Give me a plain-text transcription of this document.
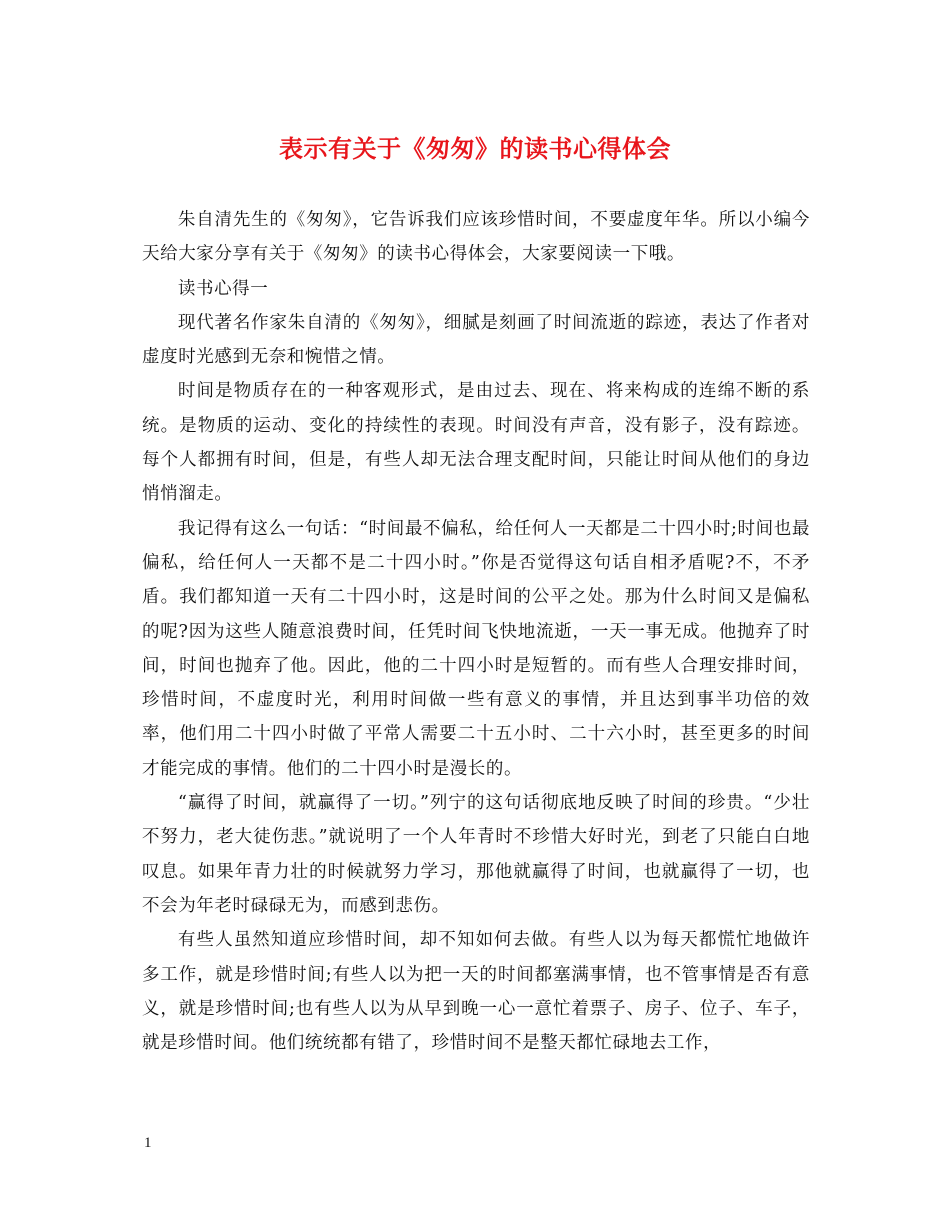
表示有关于《匆匆》的读书心得体会

朱自清先生的《匆匆》，它告诉我们应该珍惜时间，不要虚度年华。所以小编今天给大家分享有关于《匆匆》的读书心得体会，大家要阅读一下哦。

读书心得一

现代著名作家朱自清的《匆匆》，细腻是刻画了时间流逝的踪迹，表达了作者对虚度时光感到无奈和惋惜之情。

时间是物质存在的一种客观形式，是由过去、现在、将来构成的连绵不断的系统。是物质的运动、变化的持续性的表现。时间没有声音，没有影子，没有踪迹。每个人都拥有时间，但是，有些人却无法合理支配时间，只能让时间从他们的身边悄悄溜走。

我记得有这么一句话：“时间最不偏私，给任何人一天都是二十四小时;时间也最偏私，给任何人一天都不是二十四小时。”你是否觉得这句话自相矛盾呢?不，不矛盾。我们都知道一天有二十四小时，这是时间的公平之处。那为什么时间又是偏私的呢?因为这些人随意浪费时间，任凭时间飞快地流逝，一天一事无成。他抛弃了时间，时间也抛弃了他。因此，他的二十四小时是短暂的。而有些人合理安排时间，珍惜时间，不虚度时光，利用时间做一些有意义的事情，并且达到事半功倍的效率，他们用二十四小时做了平常人需要二十五小时、二十六小时，甚至更多的时间才能完成的事情。他们的二十四小时是漫长的。

“赢得了时间，就赢得了一切。”列宁的这句话彻底地反映了时间的珍贵。“少壮不努力，老大徒伤悲。”就说明了一个人年青时不珍惜大好时光，到老了只能白白地叹息。如果年青力壮的时候就努力学习，那他就赢得了时间，也就赢得了一切，也不会为年老时碌碌无为，而感到悲伤。

有些人虽然知道应珍惜时间，却不知如何去做。有些人以为每天都慌忙地做许多工作，就是珍惜时间;有些人以为把一天的时间都塞满事情，也不管事情是否有意义，就是珍惜时间;也有些人以为从早到晚一心一意忙着票子、房子、位子、车子，就是珍惜时间。他们统统都有错了，珍惜时间不是整天都忙碌地去工作，

1
